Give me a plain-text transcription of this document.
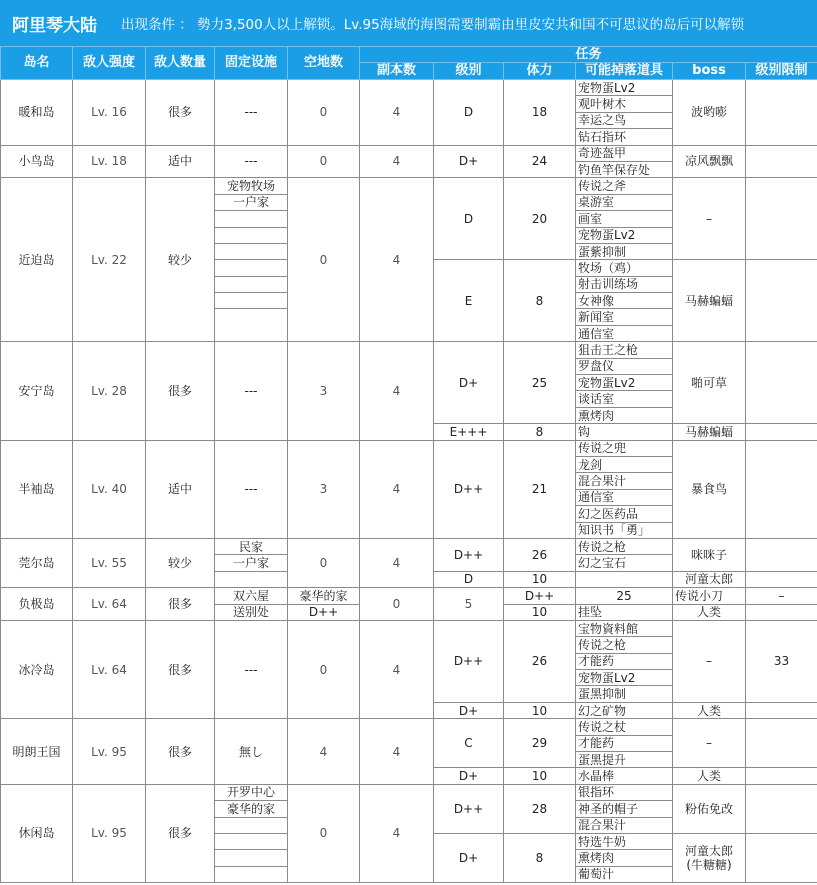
阿里琴大陆 出现条件 ： 勢力3,500人以上解锁。Lv.95海域的海图需要制霸由里皮安共和国不可思议的岛后可以解锁
岛名	敌人强度	敌人数量	固定设施	空地数	任务						
					副本数	级别	体力	可能掉落道具	boss	级别限制	
暖和岛	Lv. 16	很多	---	0	4	D	18	宠物蛋Lv2	波哟嘭		
								观叶树木			
								幸运之鸟			
								钻石指环			
小鸟岛	Lv. 18	适中	---	0	4	D+	24	奇迹盔甲	凉风飘飘		
								钓鱼竿保存处			
近迫岛	Lv. 22	较少	宠物牧场	0	4	D	20	传说之斧	–		
			一户家					桌游室			
								画室			
								宠物蛋Lv2			
								蛋紫抑制			
						E	8	牧场（鸡）	马赫蝙蝠		
								射击训练场			
								女神像			
								新闻室			
								通信室			
安宁岛	Lv. 28	很多	---	3	4	D+	25	狙击王之枪	啪可草		
								罗盘仪			
								宠物蛋Lv2			
								谈话室			
								熏烤肉			
						E+++	8	钩	马赫蝙蝠		
半袖岛	Lv. 40	适中	---	3	4	D++	21	传说之兜	暴食鸟		
								龙剑			
								混合果汁			
								通信室			
								幻之医药品			
								知识书「勇」			
莞尔岛	Lv. 55	较少	民家	0	4	D++	26	传说之枪	咪咪子		
			一户家					幻之宝石			
						D	10		河童太郎		
负极岛	Lv. 64	很多	双六屋	豪华的家	0	5	D++	25	传说小刀	–	
			送别处	D++			10	挂坠	人类		
冰冷岛	Lv. 64	很多	---	0	4	D++	26	宝物資料館	–	33	
								传说之枪			
								才能药			
								宠物蛋Lv2			
								蛋黑抑制			
						D+	10	幻之矿物	人类		
明朗王国	Lv. 95	很多	無し	4	4	C	29	传说之杖	–		
								才能药			
								蛋黑提升			
						D+	10	水晶棒	人类		
休闲岛	Lv. 95	很多	开罗中心	0	4	D++	28	银指环	粉佑免改		
			豪华的家					神圣的帽子			
								混合果汁			
						D+	8	特选牛奶	河童太郎
(牛糖糖)		
								熏烤肉			
								葡萄汁			
